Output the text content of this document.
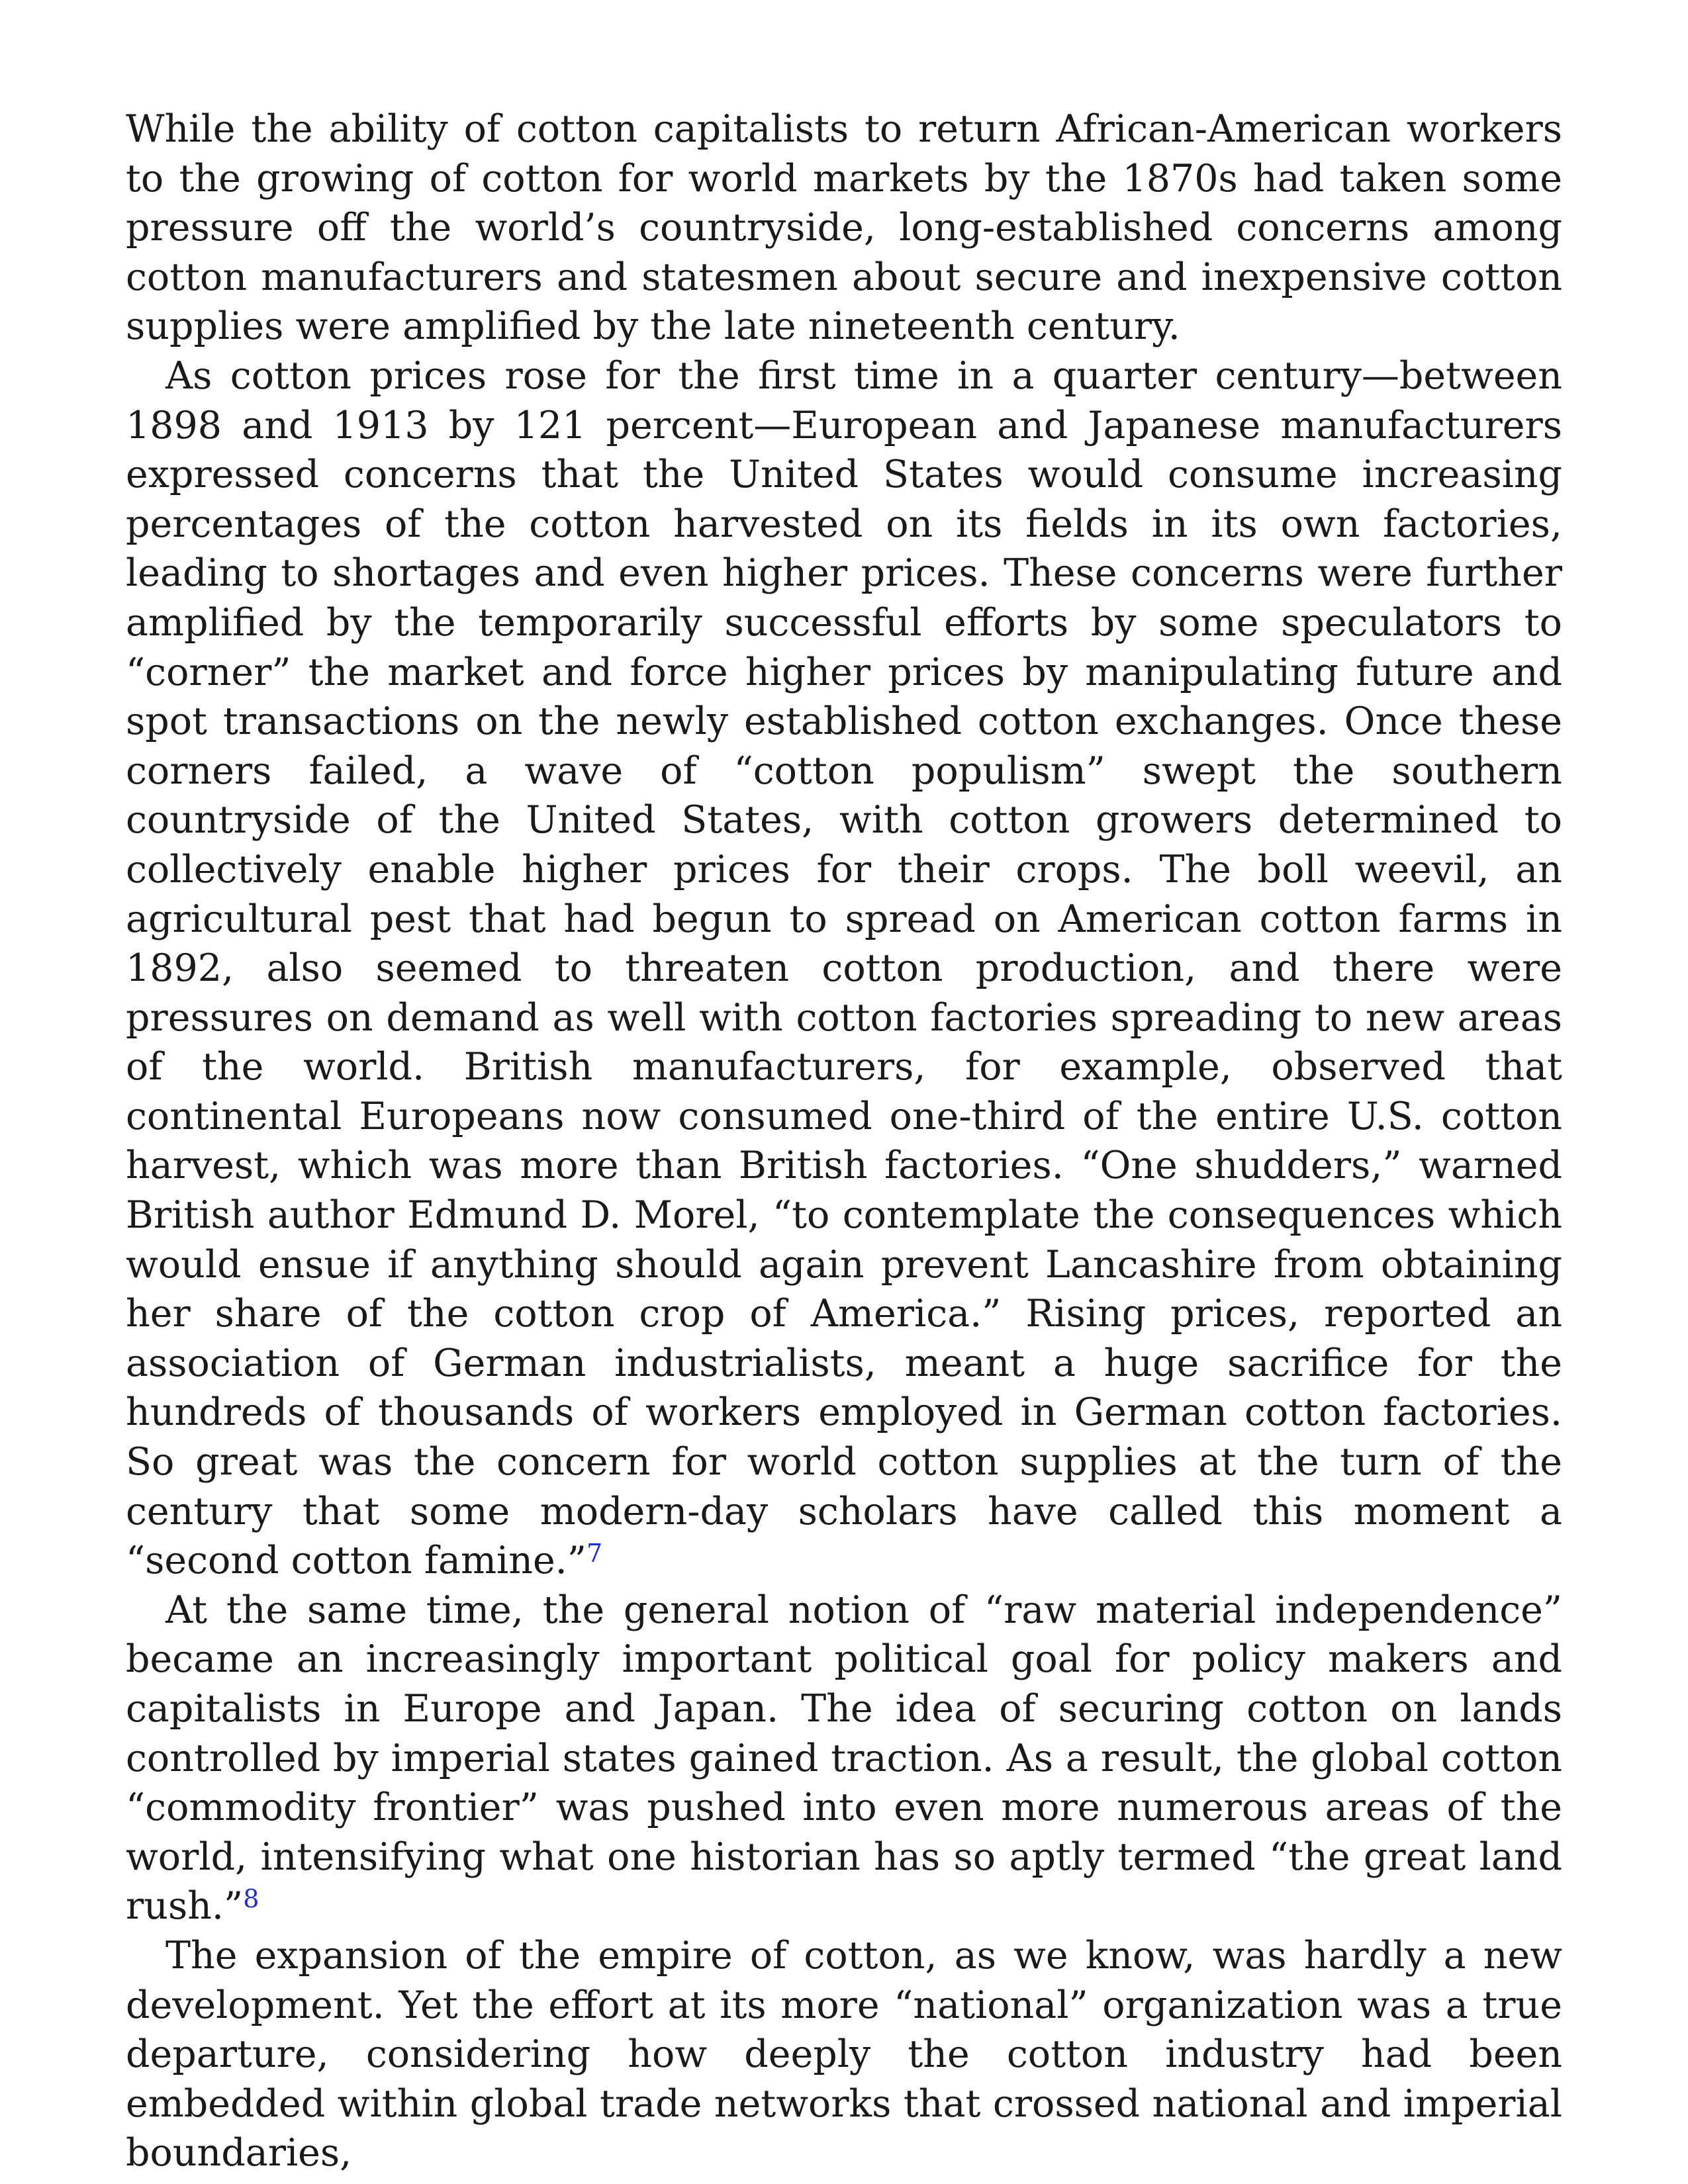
While the ability of cotton capitalists to return African-American workers to the growing of cotton for world markets by the 1870s had taken some pressure off the world’s countryside, long-established concerns among cotton manufacturers and statesmen about secure and inexpensive cotton supplies were amplified by the late nineteenth century.

As cotton prices rose for the first time in a quarter century—between 1898 and 1913 by 121 percent—European and Japanese manufacturers expressed concerns that the United States would consume increasing percentages of the cotton harvested on its fields in its own factories, leading to shortages and even higher prices. These concerns were further amplified by the temporarily successful efforts by some speculators to “corner” the market and force higher prices by manipulating future and spot transactions on the newly established cotton exchanges. Once these corners failed, a wave of “cotton populism” swept the southern countryside of the United States, with cotton growers determined to collectively enable higher prices for their crops. The boll weevil, an agricultural pest that had begun to spread on American cotton farms in 1892, also seemed to threaten cotton production, and there were pressures on demand as well with cotton factories spreading to new areas of the world. British manufacturers, for example, observed that continental Europeans now consumed one-third of the entire U.S. cotton harvest, which was more than British factories. “One shudders,” warned British author Edmund D. Morel, “to contemplate the consequences which would ensue if anything should again prevent Lancashire from obtaining her share of the cotton crop of America.” Rising prices, reported an association of German industrialists, meant a huge sacrifice for the hundreds of thousands of workers employed in German cotton factories. So great was the concern for world cotton supplies at the turn of the century that some modern-day scholars have called this moment a “second cotton famine.”$^7$

At the same time, the general notion of “raw material independence” became an increasingly important political goal for policy makers and capitalists in Europe and Japan. The idea of securing cotton on lands controlled by imperial states gained traction. As a result, the global cotton “commodity frontier” was pushed into even more numerous areas of the world, intensifying what one historian has so aptly termed “the great land rush.”$^8$

The expansion of the empire of cotton, as we know, was hardly a new development. Yet the effort at its more “national” organization was a true departure, considering how deeply the cotton industry had been embedded within global trade networks that crossed national and imperial boundaries,
